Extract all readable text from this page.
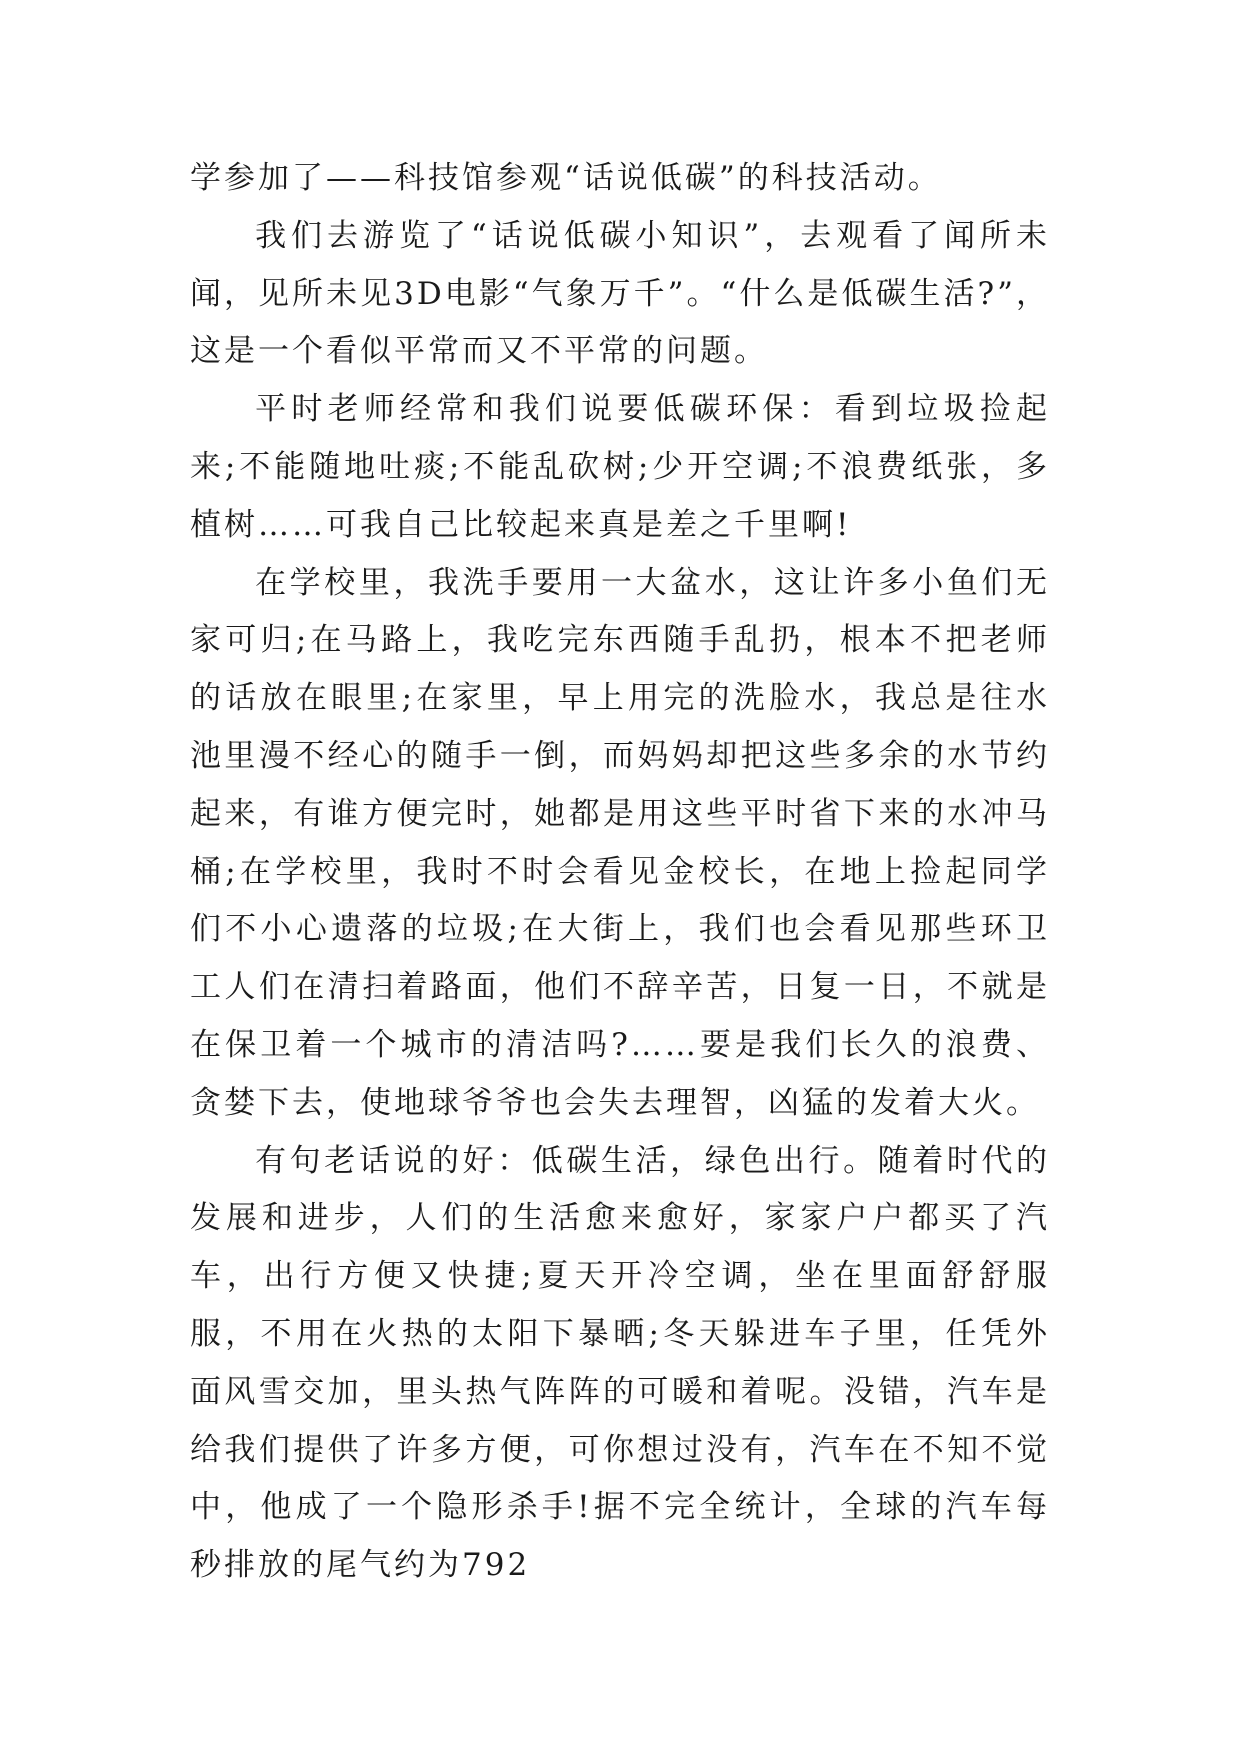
学参加了——科技馆参观“话说低碳”的科技活动。

我们去游览了“话说低碳小知识”，去观看了闻所未闻，见所未见3D电影“气象万千”。“什么是低碳生活?”，这是一个看似平常而又不平常的问题。

平时老师经常和我们说要低碳环保：看到垃圾捡起来;不能随地吐痰;不能乱砍树;少开空调;不浪费纸张，多植树……可我自己比较起来真是差之千里啊!

在学校里，我洗手要用一大盆水，这让许多小鱼们无家可归;在马路上，我吃完东西随手乱扔，根本不把老师的话放在眼里;在家里，早上用完的洗脸水，我总是往水池里漫不经心的随手一倒，而妈妈却把这些多余的水节约起来，有谁方便完时，她都是用这些平时省下来的水冲马桶;在学校里，我时不时会看见金校长，在地上捡起同学们不小心遗落的垃圾;在大街上，我们也会看见那些环卫工人们在清扫着路面，他们不辞辛苦，日复一日，不就是在保卫着一个城市的清洁吗?……要是我们长久的浪费、贪婪下去，使地球爷爷也会失去理智，凶猛的发着大火。

有句老话说的好：低碳生活，绿色出行。随着时代的发展和进步，人们的生活愈来愈好，家家户户都买了汽车，出行方便又快捷;夏天开冷空调，坐在里面舒舒服服，不用在火热的太阳下暴晒;冬天躲进车子里，任凭外面风雪交加，里头热气阵阵的可暖和着呢。没错，汽车是给我们提供了许多方便，可你想过没有，汽车在不知不觉中，他成了一个隐形杀手!据不完全统计，全球的汽车每秒排放的尾气约为792
